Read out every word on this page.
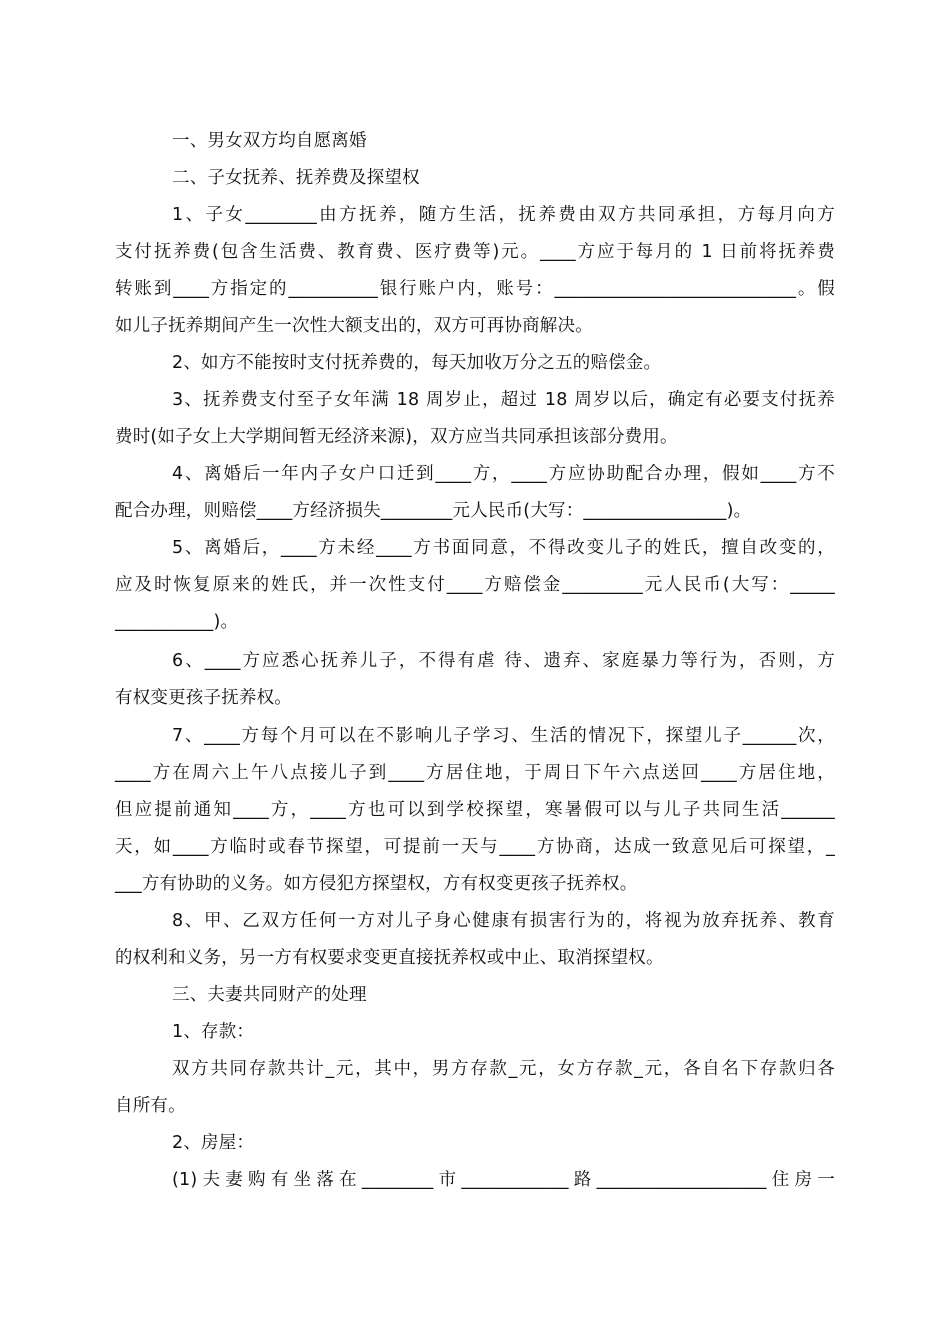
一、男女双方均自愿离婚
二、子女抚养、抚养费及探望权
1、子女________由方抚养，随方生活，抚养费由双方共同承担，方每月向方
支付抚养费(包含生活费、教育费、医疗费等)元。____方应于每月的 1 日前将抚养费
转账到____方指定的__________银行账户内，账号：___________________________。假
如儿子抚养期间产生一次性大额支出的，双方可再协商解决。
2、如方不能按时支付抚养费的，每天加收万分之五的赔偿金。
3、抚养费支付至子女年满 18 周岁止，超过 18 周岁以后，确定有必要支付抚养
费时(如子女上大学期间暂无经济来源)，双方应当共同承担该部分费用。
4、离婚后一年内子女户口迁到____方，____方应协助配合办理，假如____方不
配合办理，则赔偿____方经济损失________元人民币(大写：________________)。
5、离婚后，____方未经____方书面同意，不得改变儿子的姓氏，擅自改变的，
应及时恢复原来的姓氏，并一次性支付____方赔偿金_________元人民币(大写：_____
___________)。
6、____方应悉心抚养儿子，不得有虐 待、遗弃、家庭暴力等行为，否则，方
有权变更孩子抚养权。
7、____方每个月可以在不影响儿子学习、生活的情况下，探望儿子______次，
____方在周六上午八点接儿子到____方居住地，于周日下午六点送回____方居住地，
但应提前通知____方，____方也可以到学校探望，寒暑假可以与儿子共同生活______
天，如____方临时或春节探望，可提前一天与____方协商，达成一致意见后可探望，_
___方有协助的义务。如方侵犯方探望权，方有权变更孩子抚养权。
8、甲、乙双方任何一方对儿子身心健康有损害行为的，将视为放弃抚养、教育
的权利和义务，另一方有权要求变更直接抚养权或中止、取消探望权。
三、夫妻共同财产的处理
1、存款：
双方共同存款共计_元，其中，男方存款_元，女方存款_元，各自名下存款归各
自所有。
2、房屋：
(1)夫妻购有坐落在________市____________路___________________住房一
